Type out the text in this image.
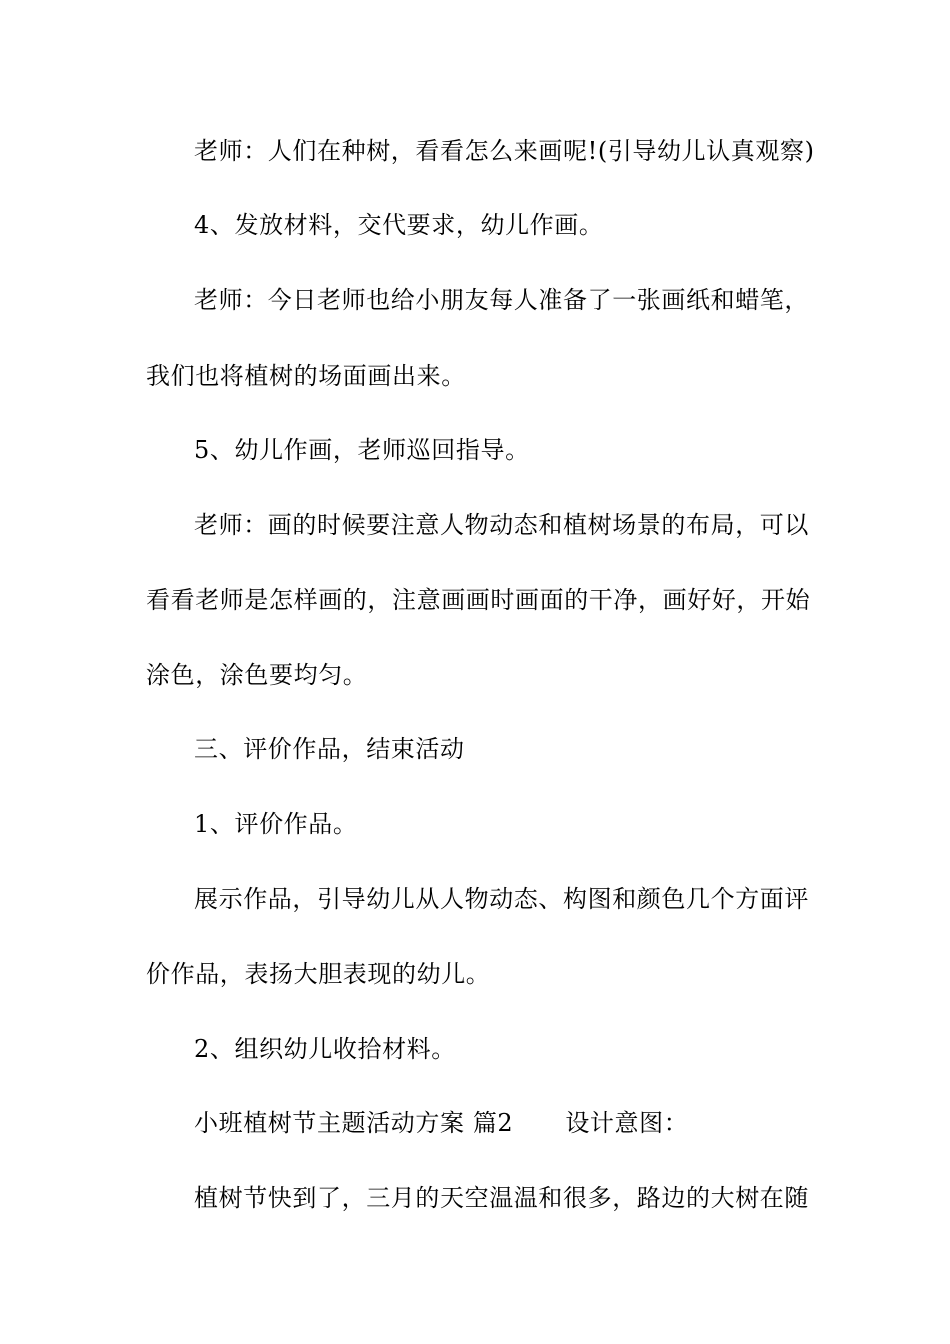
老师：人们在种树，看看怎么来画呢!(引导幼儿认真观察)
4、发放材料，交代要求，幼儿作画。
老师：今日老师也给小朋友每人准备了一张画纸和蜡笔，
我们也将植树的场面画出来。
5、幼儿作画，老师巡回指导。
老师：画的时候要注意人物动态和植树场景的布局，可以
看看老师是怎样画的，注意画画时画面的干净，画好好，开始
涂色，涂色要均匀。
三、评价作品，结束活动
1、评价作品。
展示作品，引导幼儿从人物动态、构图和颜色几个方面评
价作品，表扬大胆表现的幼儿。
2、组织幼儿收拾材料。
小班植树节主题活动方案 篇2 设计意图：
植树节快到了，三月的天空温温和很多，路边的大树在随
